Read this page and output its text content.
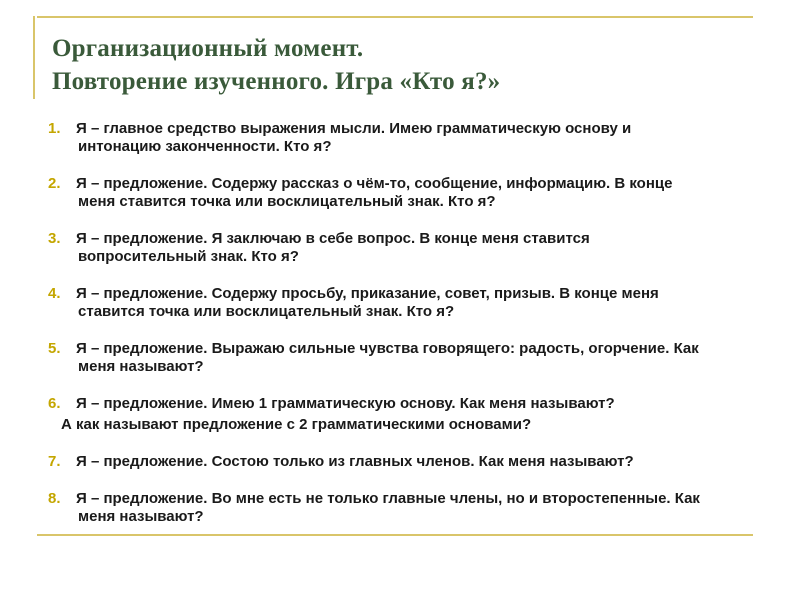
Организационный момент.
Повторение изученного. Игра «Кто я?»
1.	Я – главное средство выражения мысли. Имею грамматическую основу и
интонацию законченности. Кто я?
2.	Я – предложение. Содержу рассказ о чём-то, сообщение, информацию. В конце
меня ставится точка или восклицательный знак. Кто я?
3.	Я – предложение. Я заключаю в себе вопрос. В конце меня ставится
вопросительный знак. Кто я?
4.	Я – предложение. Содержу просьбу, приказание, совет, призыв. В конце меня
ставится точка или восклицательный знак. Кто я?
5.	Я – предложение. Выражаю сильные чувства говорящего: радость, огорчение. Как
меня называют?
6.	Я – предложение. Имею 1 грамматическую основу. Как меня называют?
А как называют предложение с 2 грамматическими основами?
7.	Я – предложение. Состою только из главных членов. Как меня называют?
8.	Я – предложение. Во мне есть не только главные члены, но и второстепенные. Как
меня называют?
